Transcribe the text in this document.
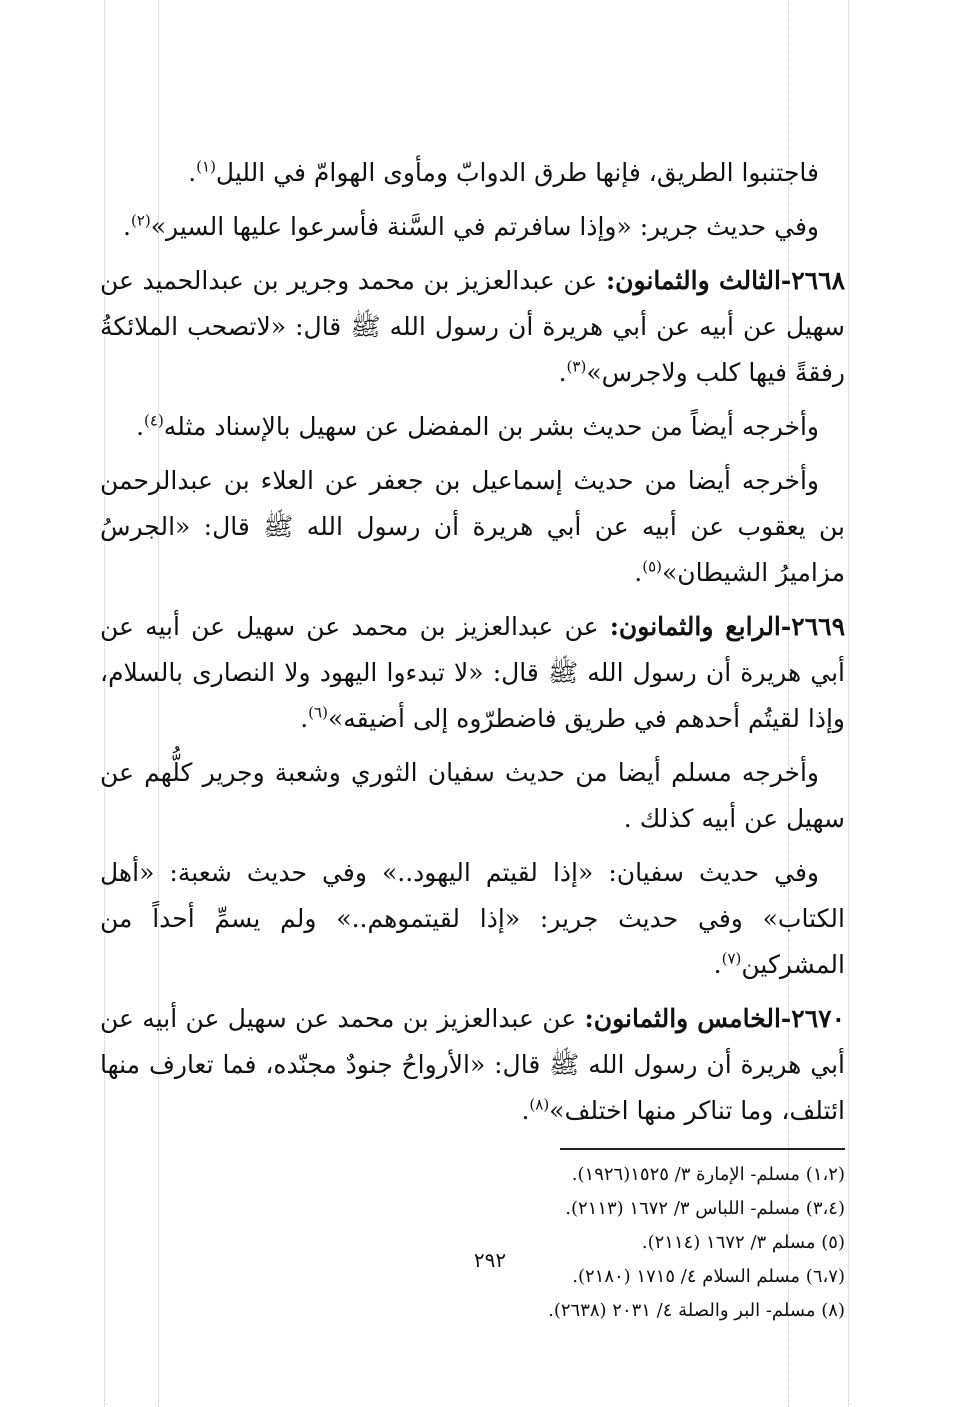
فاجتنبوا الطريق، فإنها طرق الدوابّ ومأوى الهوامّ في الليل$^{(١)}$.

وفي حديث جرير: «وإذا سافرتم في السَّنة فأسرعوا عليها السير»$^{(٢)}$.

٢٦٦٨-الثالث والثمانون: عن عبدالعزيز بن محمد وجرير بن عبدالحميد عن سهيل عن أبيه عن أبي هريرة أن رسول الله ﷺ قال: «لاتصحب الملائكةُ رفقةً فيها كلب ولاجرس»$^{(٣)}$.

وأخرجه أيضاً من حديث بشر بن المفضل عن سهيل بالإسناد مثله$^{(٤)}$.

وأخرجه أيضا من حديث إسماعيل بن جعفر عن العلاء بن عبدالرحمن بن يعقوب عن أبيه عن أبي هريرة أن رسول الله ﷺ قال: «الجرسُ مزاميرُ الشيطان»$^{(٥)}$.

٢٦٦٩-الرابع والثمانون: عن عبدالعزيز بن محمد عن سهيل عن أبيه عن أبي هريرة أن رسول الله ﷺ قال: «لا تبدءوا اليهود ولا النصارى بالسلام، وإذا لقيتُم أحدهم في طريق فاضطرّوه إلى أضيقه»$^{(٦)}$.

وأخرجه مسلم أيضا من حديث سفيان الثوري وشعبة وجرير كلُّهم عن سهيل عن أبيه كذلك .

وفي حديث سفيان: «إذا لقيتم اليهود..» وفي حديث شعبة: «أهل الكتاب» وفي حديث جرير: «إذا لقيتموهم..» ولم يسمِّ أحداً من المشركين$^{(٧)}$.

٢٦٧٠-الخامس والثمانون: عن عبدالعزيز بن محمد عن سهيل عن أبيه عن أبي هريرة أن رسول الله ﷺ قال: «الأرواحُ جنودٌ مجنّده، فما تعارف منها ائتلف، وما تناكر منها اختلف»$^{(٨)}$.

(١،٢) مسلم- الإمارة ٣/ ١٥٢٥(١٩٢٦).

(٣،٤) مسلم- اللباس ٣/ ١٦٧٢ (٢١١٣).

(٥) مسلم ٣/ ١٦٧٢ (٢١١٤).

(٦،٧) مسلم السلام ٤/ ١٧١٥ (٢١٨٠).

(٨) مسلم- البر والصلة ٤/ ٢٠٣١ (٢٦٣٨).

٢٩٢
